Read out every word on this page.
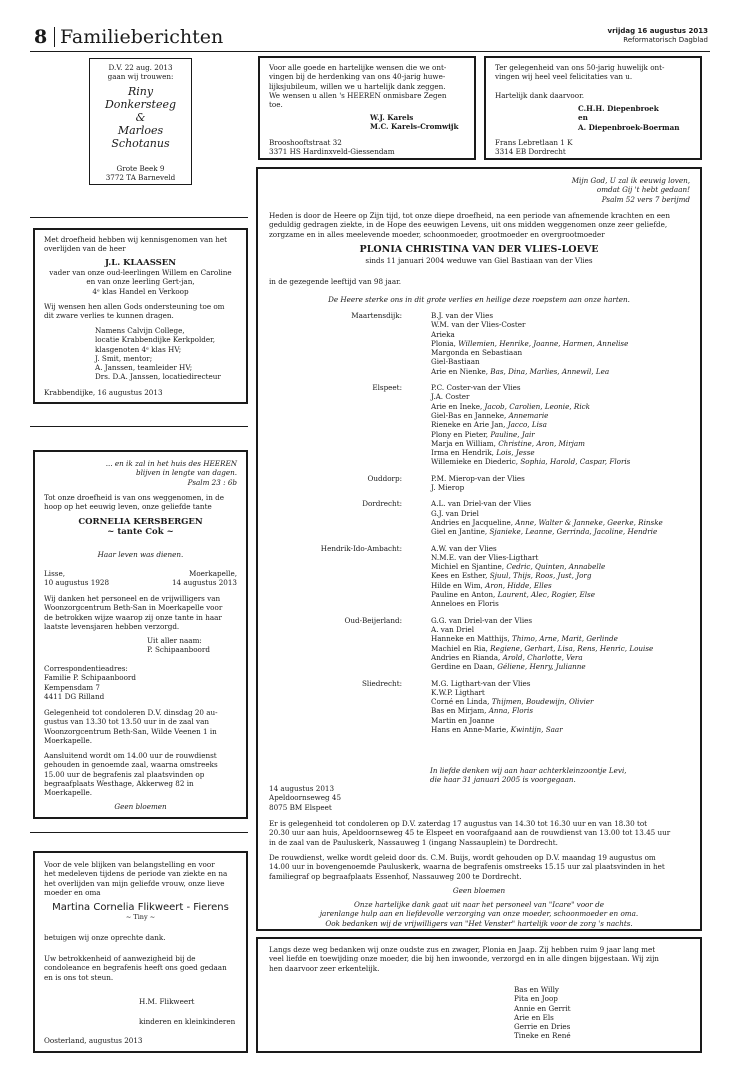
8 Familieberichten	vrijdag 16 augustus 2013
Reformatorisch Dagblad
D.V. 22 aug. 2013
gaan wij trouwen:
Riny
Donkersteeg
&
Marloes
Schotanus
Grote Beek 9
3772 TA Barneveld
Voor alle goede en hartelijke wensen die we ont-
vingen bij de herdenking van ons 40-jarig huwe-
lijksjubileum, willen we u hartelijk dank zeggen.
We wensen u allen 's HEEREN onmisbare Zegen
toe.
W.J. Karels
M.C. Karels-Cromwijk
Brooshooftstraat 32
3371 HS Hardinxveld-Giessendam
Ter gelegenheid van ons 50-jarig huwelijk ont-
vingen wij heel veel felicitaties van u.

Hartelijk dank daarvoor.
C.H.H. Diepenbroek
en
A. Diepenbroek-Boerman
Frans Lebretlaan 1 K
3314 EB Dordrecht
Met droefheid hebben wij kennisgenomen van het
overlijden van de heer
J.L. KLAASSEN
vader van onze oud-leerlingen Willem en Caroline
en van onze leerling Gert-jan,
4ᵉ klas Handel en Verkoop
Wij wensen hen allen Gods ondersteuning toe om
dit zware verlies te kunnen dragen.
Namens Calvijn College,
locatie Krabbendijke Kerkpolder,
klasgenoten 4ᵉ klas HV;
J. Smit, mentor;
A. Janssen, teamleider HV;
Drs. D.A. Janssen, locatiedirecteur
Krabbendijke, 16 augustus 2013
... en ik zal in het huis des HEEREN
blijven in lengte van dagen.
Psalm 23 : 6b
Tot onze droefheid is van ons weggenomen, in de
hoop op het eeuwig leven, onze geliefde tante
CORNELIA KERSBERGEN
~ tante Cok ~
Haar leven was dienen.
Lisse,
10 augustus 1928
Moerkapelle,
14 augustus 2013
Wij danken het personeel en de vrijwilligers van
Woonzorgcentrum Beth-San in Moerkapelle voor
de betrokken wijze waarop zij onze tante in haar
laatste levensjaren hebben verzorgd.
Uit aller naam:
P. Schipaanboord
Correspondentieadres:
Familie P. Schipaanboord
Kempensdam 7
4411 DG Rilland
Gelegenheid tot condoleren D.V. dinsdag 20 au-
gustus van 13.30 tot 13.50 uur in de zaal van
Woonzorgcentrum Beth-San, Wilde Veenen 1 in
Moerkapelle.
Aansluitend wordt om 14.00 uur de rouwdienst
gehouden in genoemde zaal, waarna omstreeks
15.00 uur de begrafenis zal plaatsvinden op
begraafplaats Westhage, Akkerweg 82 in
Moerkapelle.
Geen bloemen
Voor de vele blijken van belangstelling en voor
het medeleven tijdens de periode van ziekte en na
het overlijden van mijn geliefde vrouw, onze lieve
moeder en oma
Martina Cornelia Flikweert - Fierens
~ Tiny ~
betuigen wij onze oprechte dank.
Uw betrokkenheid of aanwezigheid bij de
condoleance en begrafenis heeft ons goed gedaan
en is ons tot steun.
H.M. Flikweert
kinderen en kleinkinderen
Oosterland, augustus 2013
Mijn God, U zal ik eeuwig loven,
omdat Gij 't hebt gedaan!
Psalm 52 vers 7 berijmd
Heden is door de Heere op Zijn tijd, tot onze diepe droefheid, na een periode van afnemende krachten en een
geduldig gedragen ziekte, in de Hope des eeuwigen Levens, uit ons midden weggenomen onze zeer geliefde,
zorgzame en in alles meelevende moeder, schoonmoeder, grootmoeder en overgrootmoeder
PLONIA CHRISTINA VAN DER VLIES-LOEVE
sinds 11 januari 2004 weduwe van Giel Bastiaan van der Vlies
in de gezegende leeftijd van 98 jaar.
De Heere sterke ons in dit grote verlies en heilige deze roepstem aan onze harten.
Maartensdijk:	B.J. van der Vlies
W.M. van der Vlies-Coster
Arieka
Plonia, Willemien, Henrike, Joanne, Harmen, Annelise
Margonda en Sebastiaan
Giel-Bastiaan
Arie en Nienke, Bas, Dina, Marlies, Annewil, Lea
Elspeet:	P.C. Coster-van der Vlies
J.A. Coster
Arie en Ineke, Jacob, Carolien, Leonie, Rick
Giel-Bas en Janneke, Annemarie
Rieneke en Arie Jan, Jacco, Lisa
Plony en Pieter, Pauline, Jair
Marja en William, Christine, Aron, Mirjam
Irma en Hendrik, Lois, Jesse
Willemieke en Diederic, Sophia, Harold, Caspar, Floris
Ouddorp:	P.M. Mierop-van der Vlies
J. Mierop
Dordrecht:	A.L. van Driel-van der Vlies
G.J. van Driel
Andries en Jacqueline, Anne, Walter & Janneke, Geerke, Rinske
Giel en Jantine, Sjanieke, Leanne, Gerrinda, Jacoline, Hendrie
Hendrik-Ido-Ambacht:	A.W. van der Vlies
N.M.E. van der Vlies-Ligthart
Michiel en Sjantine, Cedric, Quinten, Annabelle
Kees en Esther, Sjuul, Thijs, Roos, Just, Jorg
Hilde en Wim, Aron, Hidde, Elles
Pauline en Anton, Laurent, Alec, Rogier, Else
Anneloes en Floris
Oud-Beijerland:	G.G. van Driel-van der Vlies
A. van Driel
Hanneke en Matthijs, Thimo, Arne, Marit, Gerlinde
Machiel en Ria, Regiene, Gerhart, Lisa, Rens, Henric, Louise
Andries en Rianda, Arold, Charlotte, Vera
Gerdine en Daan, Géliene, Henry, Julianne
Sliedrecht:	M.G. Ligthart-van der Vlies
K.W.P. Ligthart
Corné en Linda, Thijmen, Boudewijn, Olivier
Bas en Mirjam, Anna, Floris
Martin en Joanne
Hans en Anne-Marie, Kwintijn, Saar
In liefde denken wij aan haar achterkleinzoontje Levi,
die haar 31 januari 2005 is voorgegaan.
14 augustus 2013
Apeldoornseweg 45
8075 BM Elspeet
Er is gelegenheid tot condoleren op D.V. zaterdag 17 augustus van 14.30 tot 16.30 uur en van 18.30 tot
20.30 uur aan huis, Apeldoornseweg 45 te Elspeet en voorafgaand aan de rouwdienst van 13.00 tot 13.45 uur
in de zaal van de Pauluskerk, Nassauweg 1 (ingang Nassauplein) te Dordrecht.
De rouwdienst, welke wordt geleid door ds. C.M. Buijs, wordt gehouden op D.V. maandag 19 augustus om
14.00 uur in bovengenoemde Pauluskerk, waarna de begrafenis omstreeks 15.15 uur zal plaatsvinden in het
familiegraf op begraafplaats Essenhof, Nassauweg 200 te Dordrecht.
Geen bloemen
Onze hartelijke dank gaat uit naar het personeel van "Icare" voor de
jarenlange hulp aan en liefdevolle verzorging van onze moeder, schoonmoeder en oma.
Ook bedanken wij de vrijwilligers van "Het Venster" hartelijk voor de zorg 's nachts.
Langs deze weg bedanken wij onze oudste zus en zwager, Plonia en Jaap. Zij hebben ruim 9 jaar lang met
veel liefde en toewijding onze moeder, die bij hen inwoonde, verzorgd en in alle dingen bijgestaan. Wij zijn
hen daarvoor zeer erkentelijk.
Bas en Willy
Pita en Joop
Annie en Gerrit
Arie en Els
Gerrie en Dries
Tineke en René
